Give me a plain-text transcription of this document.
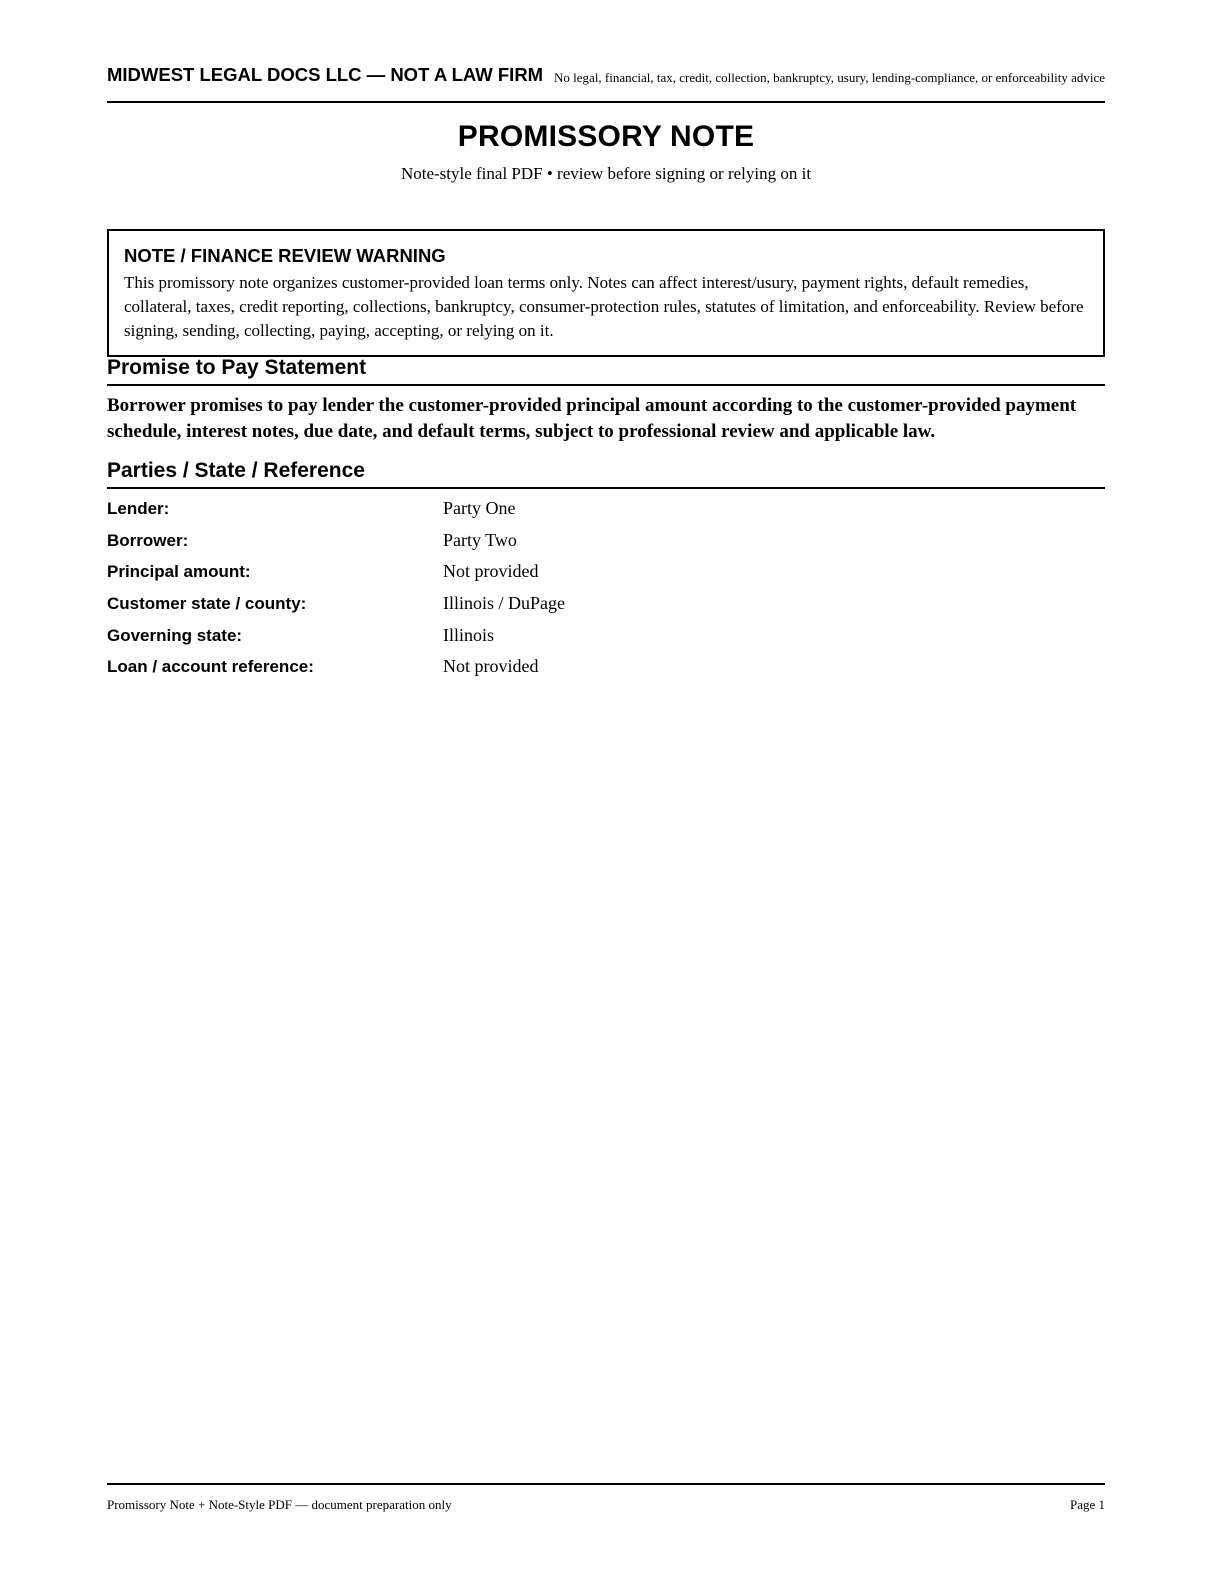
MIDWEST LEGAL DOCS LLC — NOT A LAW FIRM No legal, financial, tax, credit, collection, bankruptcy, usury, lending-compliance, or enforceability advice
PROMISSORY NOTE
Note-style final PDF • review before signing or relying on it
NOTE / FINANCE REVIEW WARNING
This promissory note organizes customer-provided loan terms only. Notes can affect interest/usury, payment rights, default remedies, collateral, taxes, credit reporting, collections, bankruptcy, consumer-protection rules, statutes of limitation, and enforceability. Review before signing, sending, collecting, paying, accepting, or relying on it.
Promise to Pay Statement
Borrower promises to pay lender the customer-provided principal amount according to the customer-provided payment schedule, interest notes, due date, and default terms, subject to professional review and applicable law.
Parties / State / Reference
Lender:	Party One
Borrower:	Party Two
Principal amount:	Not provided
Customer state / county:	Illinois / DuPage
Governing state:	Illinois
Loan / account reference:	Not provided
Promissory Note + Note-Style PDF — document preparation only	Page 1
